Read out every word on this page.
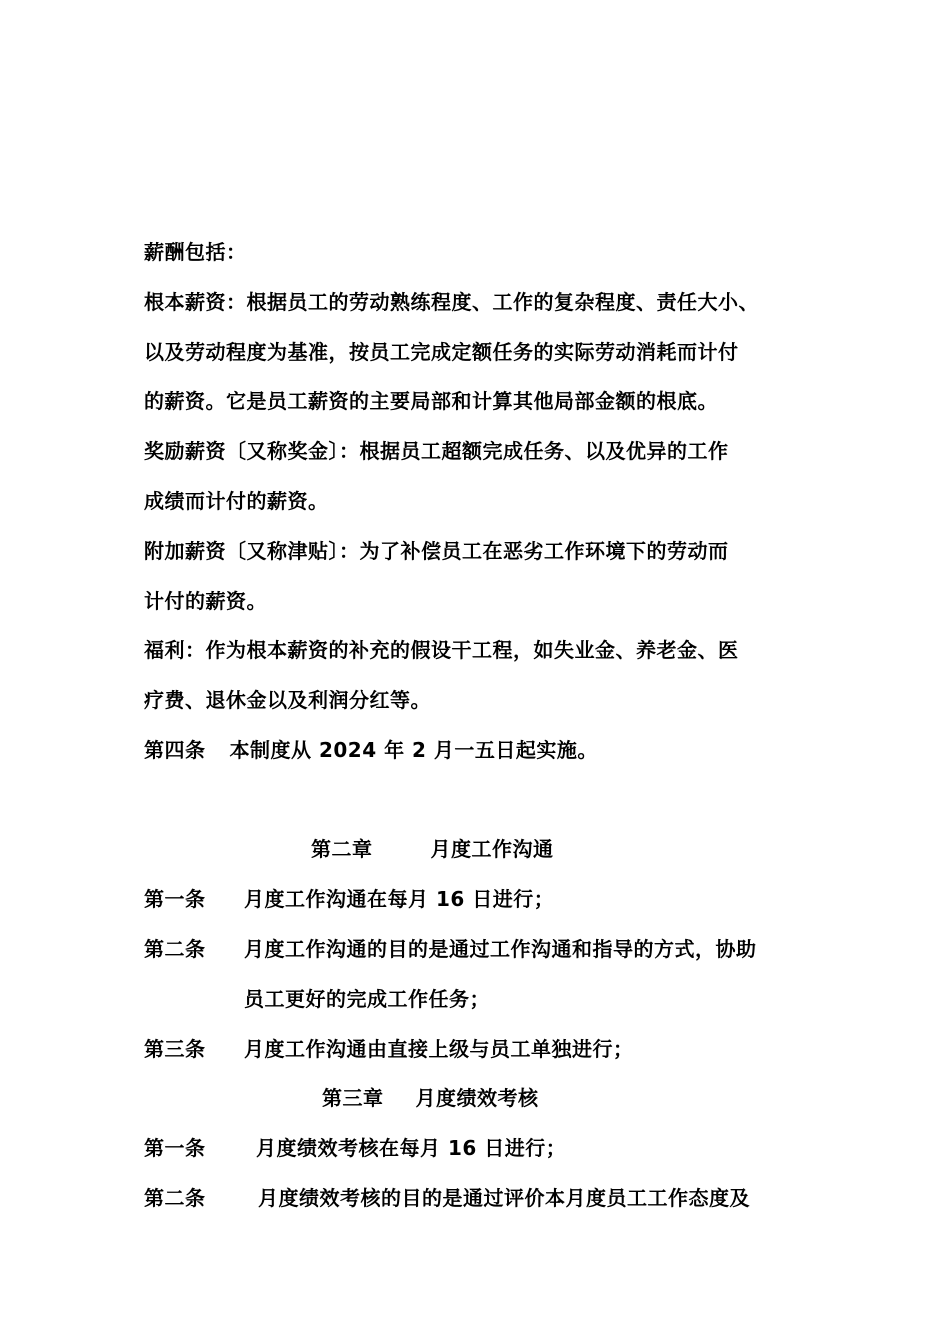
薪酬包括：
根本薪资：根据员工的劳动熟练程度、工作的复杂程度、责任大小、
以及劳动程度为基准，按员工完成定额任务的实际劳动消耗而计付
的薪资。它是员工薪资的主要局部和计算其他局部金额的根底。
奖励薪资〔又称奖金〕：根据员工超额完成任务、以及优异的工作
成绩而计付的薪资。
附加薪资〔又称津贴〕：为了补偿员工在恶劣工作环境下的劳动而
计付的薪资。
福利：作为根本薪资的补充的假设干工程，如失业金、养老金、医
疗费、退休金以及利润分红等。
第四条 本制度从 2024 年 2 月一五日起实施。
第二章	月度工作沟通
第一条 月度工作沟通在每月 16 日进行；
第二条 月度工作沟通的目的是通过工作沟通和指导的方式，协助
员工更好的完成工作任务；
第三条 月度工作沟通由直接上级与员工单独进行；
第三章 月度绩效考核
第一条	月度绩效考核在每月 16 日进行；
第二条	月度绩效考核的目的是通过评价本月度员工工作态度及
